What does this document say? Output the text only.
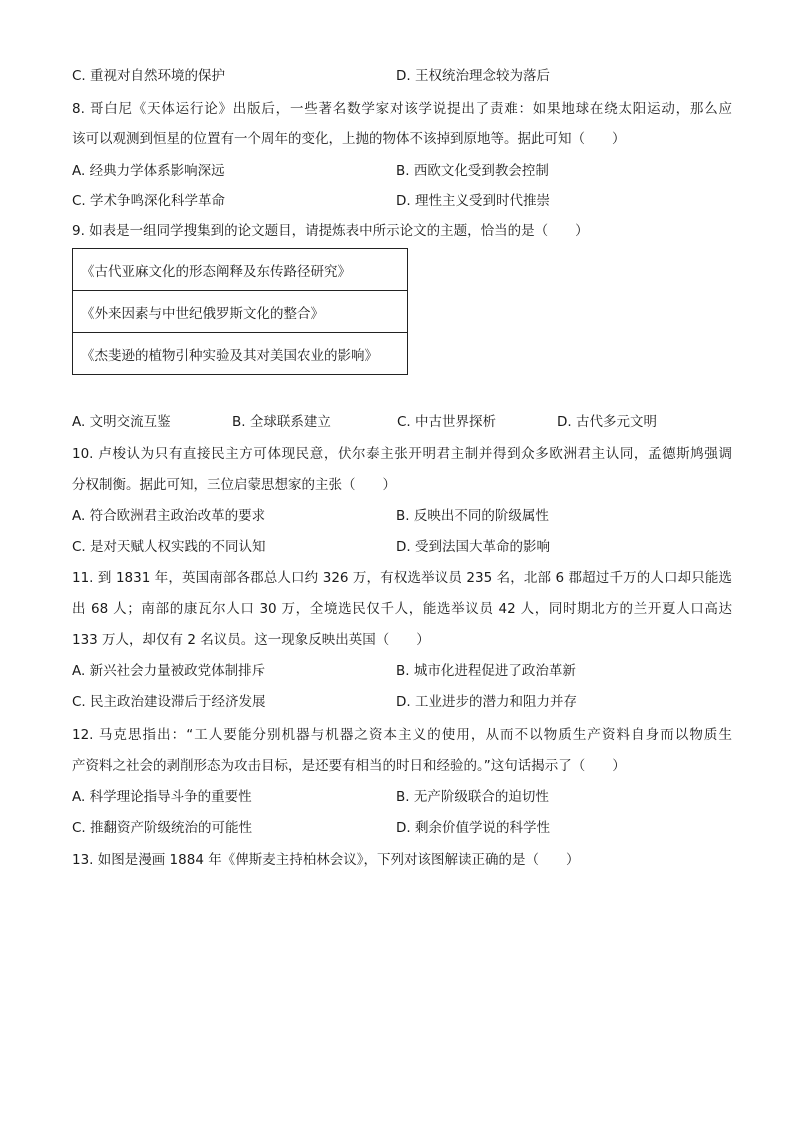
C. 重视对自然环境的保护	D. 王权统治理念较为落后
8. 哥白尼《天体运行论》出版后，一些著名数学家对该学说提出了责难：如果地球在绕太阳运动，那么应
该可以观测到恒星的位置有一个周年的变化，上抛的物体不该掉到原地等。据此可知（　　）
A. 经典力学体系影响深远	B. 西欧文化受到教会控制
C. 学术争鸣深化科学革命	D. 理性主义受到时代推崇
9. 如表是一组同学搜集到的论文题目，请提炼表中所示论文的主题，恰当的是（　　）
《古代亚麻文化的形态阐释及东传路径研究》
《外来因素与中世纪俄罗斯文化的整合》
《杰斐逊的植物引种实验及其对美国农业的影响》
A. 文明交流互鉴	B. 全球联系建立	C. 中古世界探析	D. 古代多元文明
10. 卢梭认为只有直接民主方可体现民意，伏尔泰主张开明君主制并得到众多欧洲君主认同，孟德斯鸠强调
分权制衡。据此可知，三位启蒙思想家的主张（　　）
A. 符合欧洲君主政治改革的要求	B. 反映出不同的阶级属性
C. 是对天赋人权实践的不同认知	D. 受到法国大革命的影响
11. 到 1831 年，英国南部各郡总人口约 326 万，有权选举议员 235 名，北部 6 郡超过千万的人口却只能选
出 68 人；南部的康瓦尔人口 30 万，全境选民仅千人，能选举议员 42 人，同时期北方的兰开夏人口高达
133 万人，却仅有 2 名议员。这一现象反映出英国（　　）
A. 新兴社会力量被政党体制排斥	B. 城市化进程促进了政治革新
C. 民主政治建设滞后于经济发展	D. 工业进步的潜力和阻力并存
12. 马克思指出：“工人要能分别机器与机器之资本主义的使用，从而不以物质生产资料自身而以物质生
产资料之社会的剥削形态为攻击目标，是还要有相当的时日和经验的。”这句话揭示了（　　）
A. 科学理论指导斗争的重要性	B. 无产阶级联合的迫切性
C. 推翻资产阶级统治的可能性	D. 剩余价值学说的科学性
13. 如图是漫画 1884 年《俾斯麦主持柏林会议》，下列对该图解读正确的是（　　）
